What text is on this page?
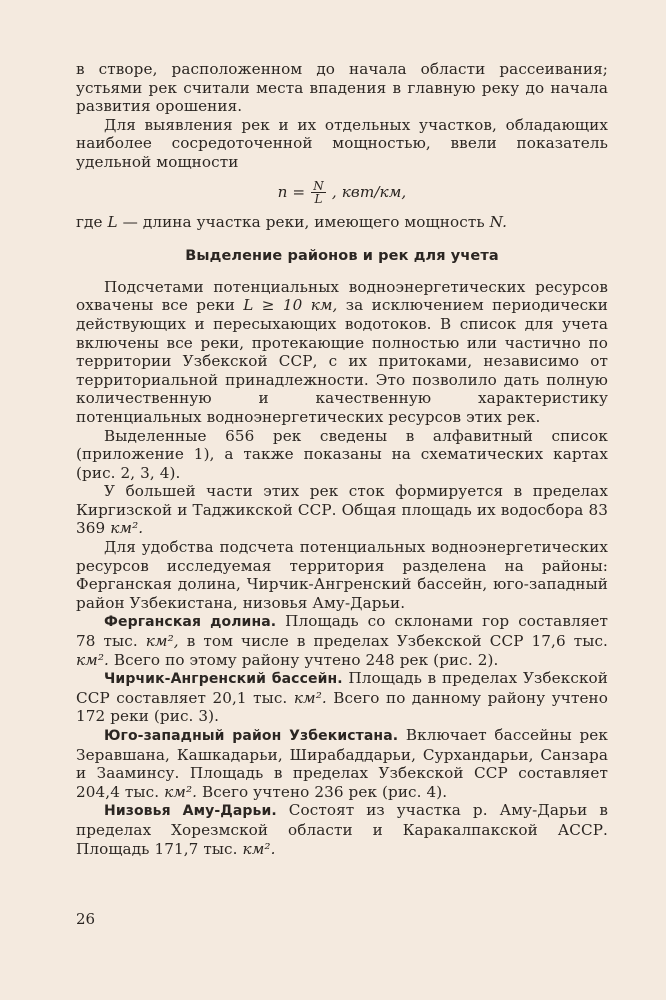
в створе, расположенном до начала области рассеивания; устьями рек считали места впадения в главную реку до начала развития орошения.

Для выявления рек и их отдельных участков, обладающих наиболее сосредоточенной мощностью, ввели показатель удельной мощности

$n = \frac{N}{L}$ , квт/км,

где L — длина участка реки, имеющего мощность N.

Выделение районов и рек для учета

Подсчетами потенциальных водноэнергетических ресурсов охвачены все реки L ≥ 10 км, за исключением периодически действующих и пересыхающих водотоков. В список для учета включены все реки, протекающие полностью или частично по территории Узбекской ССР, с их притоками, независимо от территориальной принадлежности. Это позволило дать полную количественную и качественную характеристику потенциальных водноэнергетических ресурсов этих рек.

Выделенные 656 рек сведены в алфавитный список (приложение 1), а также показаны на схематических картах (рис. 2, 3, 4).

У большей части этих рек сток формируется в пределах Киргизской и Таджикской ССР. Общая площадь их водосбора 83 369 км².

Для удобства подсчета потенциальных водноэнергетических ресурсов исследуемая территория разделена на районы: Ферганская долина, Чирчик-Ангренский бассейн, юго-западный район Узбекистана, низовья Аму-Дарьи.

Ферганская долина. Площадь со склонами гор составляет 78 тыс. км², в том числе в пределах Узбекской ССР 17,6 тыс. км². Всего по этому району учтено 248 рек (рис. 2).

Чирчик-Ангренский бассейн. Площадь в пределах Узбекской ССР составляет 20,1 тыс. км². Всего по данному району учтено 172 реки (рис. 3).

Юго-западный район Узбекистана. Включает бассейны рек Зеравшана, Кашкадарьи, Ширабаддарьи, Сурхандарьи, Санзара и Зааминсу. Площадь в пределах Узбекской ССР составляет 204,4 тыс. км². Всего учтено 236 рек (рис. 4).

Низовья Аму-Дарьи. Состоят из участка р. Аму-Дарьи в пределах Хорезмской области и Каракалпакской АССР. Площадь 171,7 тыс. км².

26
